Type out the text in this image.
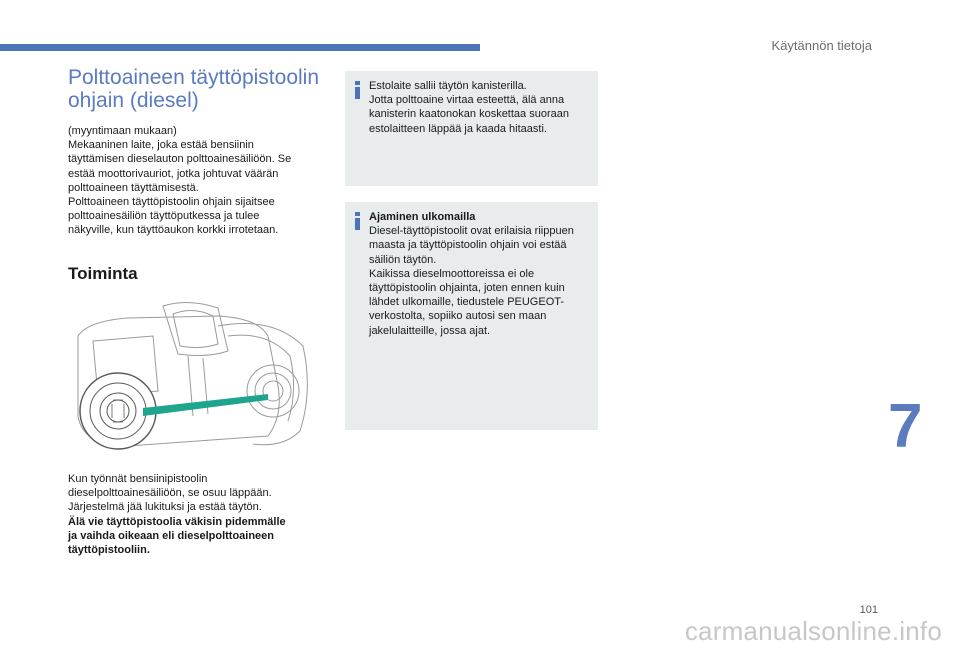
Käytännön tietoja
Polttoaineen täyttöpistoolin ohjain (diesel)

(myyntimaan mukaan)
Mekaaninen laite, joka estää bensiinin
täyttämisen dieselauton polttoainesäiliöön. Se
estää moottorivauriot, jotka johtuvat väärän
polttoaineen täyttämisestä.
Polttoaineen täyttöpistoolin ohjain sijaitsee
polttoainesäiliön täyttöputkessa ja tulee
näkyville, kun täyttöaukon korkki irrotetaan.

Toiminta

Kun työnnät bensiinipistoolin
dieselpolttoainesäiliöön, se osuu läppään.
Järjestelmä jää lukituksi ja estää täytön.
Älä vie täyttöpistoolia väkisin pidemmälle
ja vaihda oikeaan eli dieselpolttoaineen
täyttöpistooliin.

Estolaite sallii täytön kanisterilla.
Jotta polttoaine virtaa esteettä, älä anna
kanisterin kaatonokan koskettaa suoraan
estolaitteen läppää ja kaada hitaasti.

Ajaminen ulkomailla
Diesel-täyttöpistoolit ovat erilaisia riippuen
maasta ja täyttöpistoolin ohjain voi estää
säiliön täytön.
Kaikissa dieselmoottoreissa ei ole
täyttöpistoolin ohjainta, joten ennen kuin
lähdet ulkomaille, tiedustele PEUGEOT-
verkostolta, sopiiko autosi sen maan
jakelulaitteille, jossa ajat.

7
101
carmanualsonline.info
